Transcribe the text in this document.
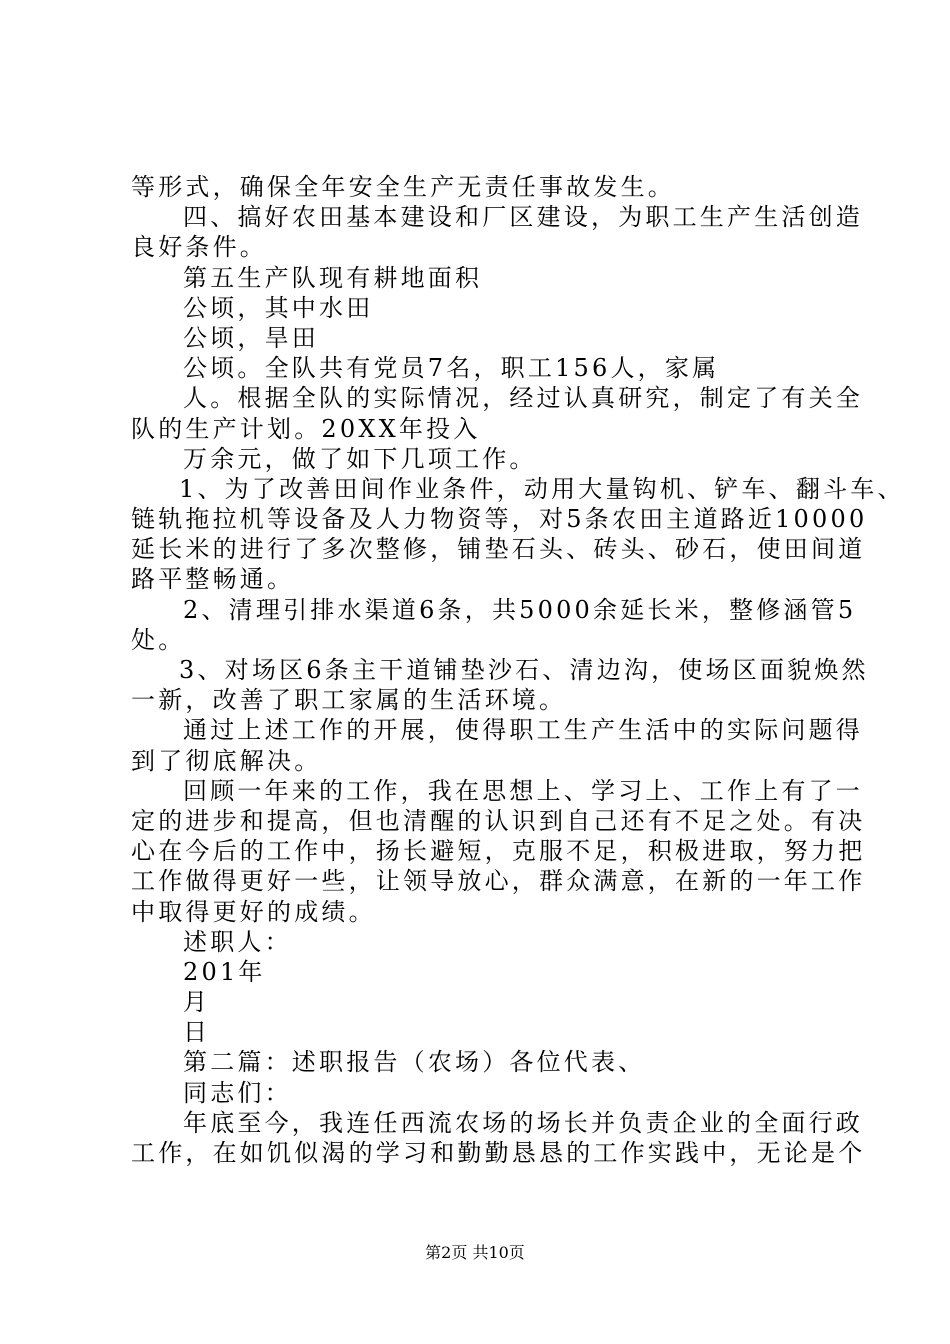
等形式，确保全年安全生产无责任事故发生。
四、搞好农田基本建设和厂区建设，为职工生产生活创造
良好条件。
第五生产队现有耕地面积
公顷，其中水田
公顷，旱田
公顷。全队共有党员7名，职工156人，家属
人。根据全队的实际情况，经过认真研究，制定了有关全
队的生产计划。20XX年投入
万余元，做了如下几项工作。
1、为了改善田间作业条件，动用大量钩机、铲车、翻斗车、
链轨拖拉机等设备及人力物资等，对5条农田主道路近10000
延长米的进行了多次整修，铺垫石头、砖头、砂石，使田间道
路平整畅通。
2、清理引排水渠道6条，共5000余延长米，整修涵管5
处。
3、对场区6条主干道铺垫沙石、清边沟，使场区面貌焕然
一新，改善了职工家属的生活环境。
通过上述工作的开展，使得职工生产生活中的实际问题得
到了彻底解决。
回顾一年来的工作，我在思想上、学习上、工作上有了一
定的进步和提高，但也清醒的认识到自己还有不足之处。有决
心在今后的工作中，扬长避短，克服不足，积极进取，努力把
工作做得更好一些，让领导放心，群众满意，在新的一年工作
中取得更好的成绩。
述职人：
201年
月
日
第二篇：述职报告（农场）各位代表、
同志们：
年底至今，我连任西流农场的场长并负责企业的全面行政
工作，在如饥似渴的学习和勤勤恳恳的工作实践中，无论是个
第2页 共10页
